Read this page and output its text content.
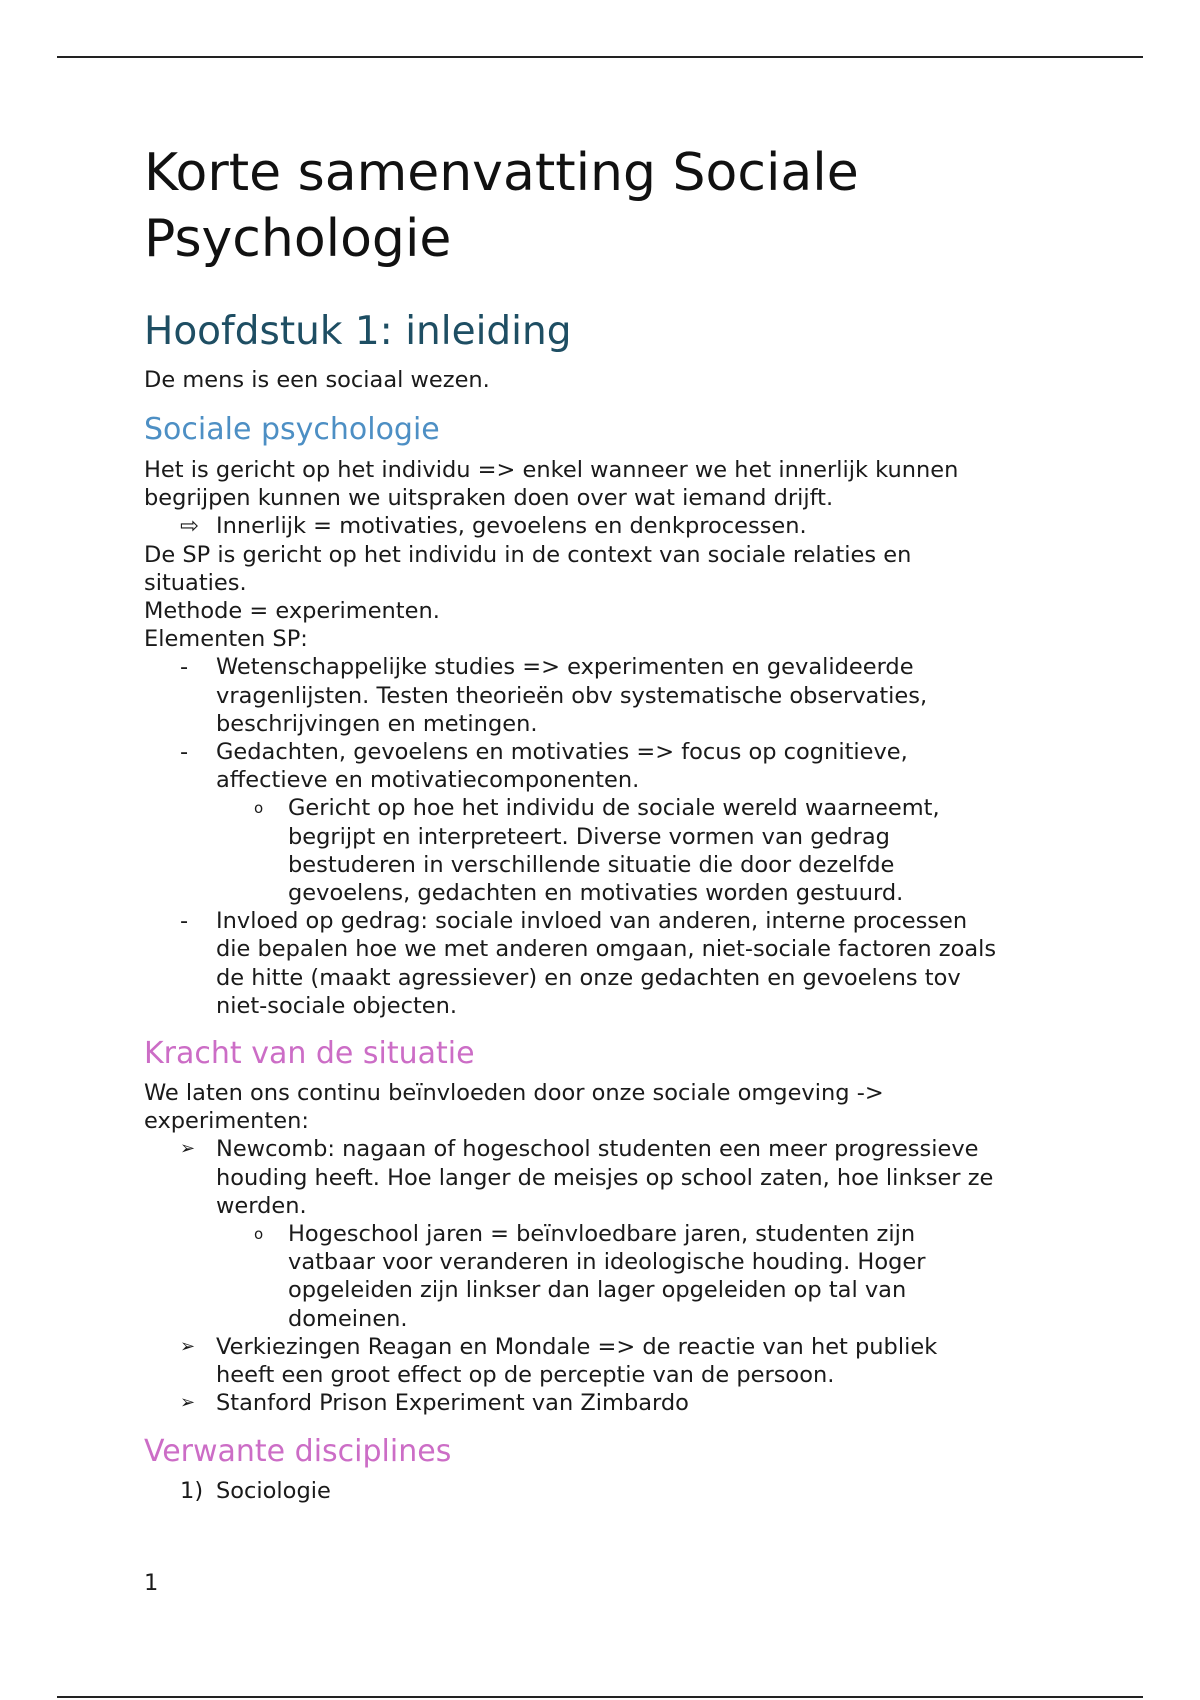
Korte samenvatting Sociale Psychologie
Hoofdstuk 1: inleiding

De mens is een sociaal wezen.

Sociale psychologie

Het is gericht op het individu => enkel wanneer we het innerlijk kunnen

begrijpen kunnen we uitspraken doen over wat iemand drijft.

⇨ Innerlijk = motivaties, gevoelens en denkprocessen.

De SP is gericht op het individu in de context van sociale relaties en

situaties.

Methode = experimenten.

Elementen SP:

- Wetenschappelijke studies => experimenten en gevalideerde

vragenlijsten. Testen theorieën obv systematische observaties,

beschrijvingen en metingen.

- Gedachten, gevoelens en motivaties => focus op cognitieve,

affectieve en motivatiecomponenten.

o Gericht op hoe het individu de sociale wereld waarneemt,

begrijpt en interpreteert. Diverse vormen van gedrag

bestuderen in verschillende situatie die door dezelfde

gevoelens, gedachten en motivaties worden gestuurd.

- Invloed op gedrag: sociale invloed van anderen, interne processen

die bepalen hoe we met anderen omgaan, niet-sociale factoren zoals

de hitte (maakt agressiever) en onze gedachten en gevoelens tov

niet-sociale objecten.

Kracht van de situatie

We laten ons continu beïnvloeden door onze sociale omgeving ->

experimenten:

➢ Newcomb: nagaan of hogeschool studenten een meer progressieve

houding heeft. Hoe langer de meisjes op school zaten, hoe linkser ze

werden.

o Hogeschool jaren = beïnvloedbare jaren, studenten zijn

vatbaar voor veranderen in ideologische houding. Hoger

opgeleiden zijn linkser dan lager opgeleiden op tal van

domeinen.

➢ Verkiezingen Reagan en Mondale => de reactie van het publiek

heeft een groot effect op de perceptie van de persoon.

➢ Stanford Prison Experiment van Zimbardo

Verwante disciplines
1) Sociologie

1
